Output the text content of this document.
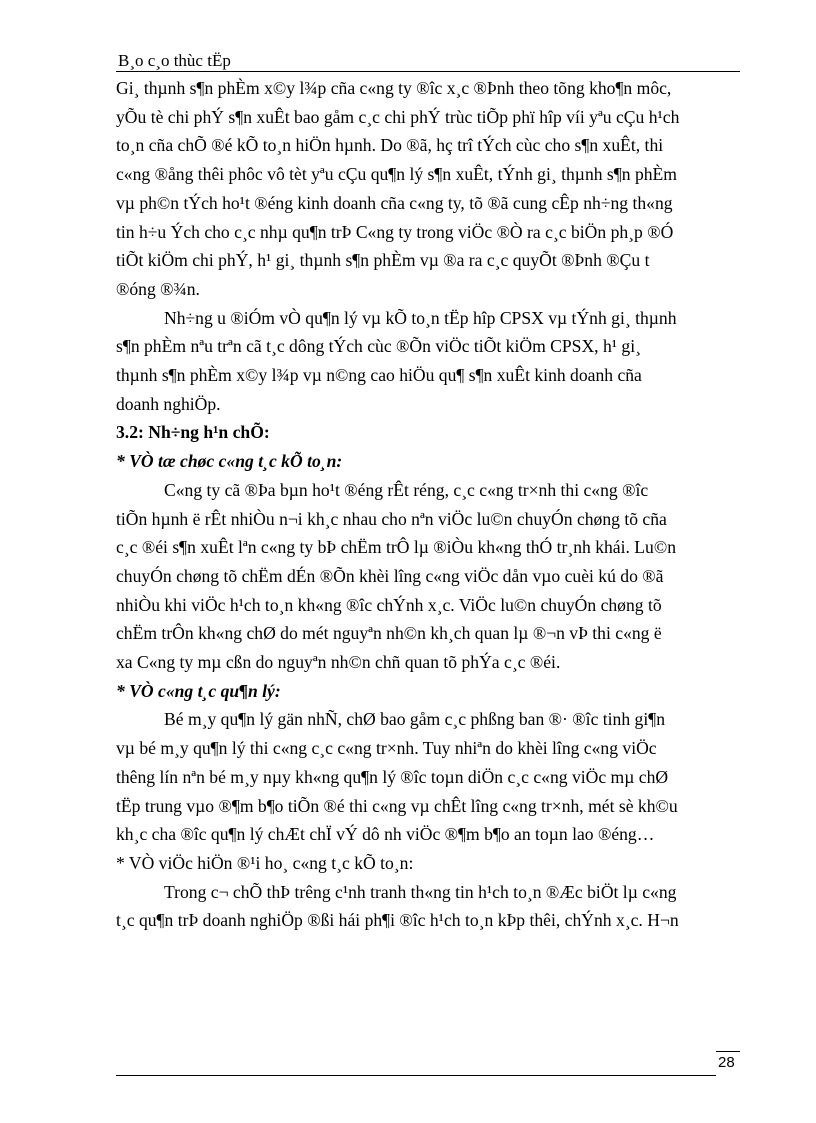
B¸o c¸o thùc tËp
Gi¸ thµnh s¶n phÈm x©y l¾p cña c«ng ty ®îc x¸c ®Þnh theo tõng kho¶n môc,
yÕu tè chi phÝ s¶n xuÊt bao gåm c¸c chi phÝ trùc tiÕp phï hîp víi yªu cÇu h¹ch
to¸n cña chÕ ®é kÕ to¸n hiÖn hµnh. Do ®ã, hç trî tÝch cùc cho s¶n xuÊt, thi
c«ng ®ång thêi phôc vô tèt yªu cÇu qu¶n lý s¶n xuÊt, tÝnh gi¸ thµnh s¶n phÈm
vµ ph©n tÝch ho¹t ®éng kinh doanh cña c«ng ty, tõ ®ã cung cÊp nh÷ng th«ng
tin h÷u Ých cho c¸c nhµ qu¶n trÞ C«ng ty trong viÖc ®Ò ra c¸c biÖn ph¸p ®Ó
tiÕt kiÖm chi phÝ, h¹ gi¸ thµnh s¶n phÈm vµ ®a ra c¸c quyÕt ®Þnh ®Çu t
®óng ®¾n.
Nh÷ng u ®iÓm vÒ qu¶n lý vµ kÕ to¸n tËp hîp CPSX vµ tÝnh gi¸ thµnh
s¶n phÈm nªu trªn cã t¸c dông tÝch cùc ®Õn viÖc tiÕt kiÖm CPSX, h¹ gi¸
thµnh s¶n phÈm x©y l¾p vµ n©ng cao hiÖu qu¶ s¶n xuÊt kinh doanh cña
doanh nghiÖp.
3.2: Nh÷ng h¹n chÕ:
* VÒ tæ chøc c«ng t¸c kÕ to¸n:
C«ng ty cã ®Þa bµn ho¹t ®éng rÊt réng, c¸c c«ng tr×nh thi c«ng ®îc
tiÕn hµnh ë rÊt nhiÒu n¬i kh¸c nhau cho nªn viÖc lu©n chuyÓn chøng tõ cña
c¸c ®éi s¶n xuÊt lªn c«ng ty bÞ chËm trÔ lµ ®iÒu kh«ng thÓ tr¸nh khái. Lu©n
chuyÓn chøng tõ chËm dÉn ®Õn khèi lîng c«ng viÖc dån vµo cuèi kú do ®ã
nhiÒu khi viÖc h¹ch to¸n kh«ng ®îc chÝnh x¸c. ViÖc lu©n chuyÓn chøng tõ
chËm trÔn kh«ng chØ do mét nguyªn nh©n kh¸ch quan lµ ®¬n vÞ thi c«ng ë
xa C«ng ty mµ cßn do nguyªn nh©n chñ quan tõ phÝa c¸c ®éi.
* VÒ c«ng t¸c qu¶n lý:
Bé m¸y qu¶n lý gän nhÑ, chØ bao gåm c¸c phßng ban ®· ®îc tinh gi¶n
vµ bé m¸y qu¶n lý thi c«ng c¸c c«ng tr×nh. Tuy nhiªn do khèi lîng c«ng viÖc
thêng lín nªn bé m¸y nµy kh«ng qu¶n lý ®îc toµn diÖn c¸c c«ng viÖc mµ chØ
tËp trung vµo ®¶m b¶o tiÕn ®é thi c«ng vµ chÊt lîng c«ng tr×nh, mét sè kh©u
kh¸c cha ®îc qu¶n lý chÆt chÏ vÝ dô nh viÖc ®¶m b¶o an toµn lao ®éng…
* VÒ viÖc hiÖn ®¹i ho¸ c«ng t¸c kÕ to¸n:
Trong c¬ chÕ thÞ trêng c¹nh tranh th«ng tin h¹ch to¸n ®Æc biÖt lµ c«ng
t¸c qu¶n trÞ doanh nghiÖp ®ßi hái ph¶i ®îc h¹ch to¸n kÞp thêi, chÝnh x¸c. H¬n
28
